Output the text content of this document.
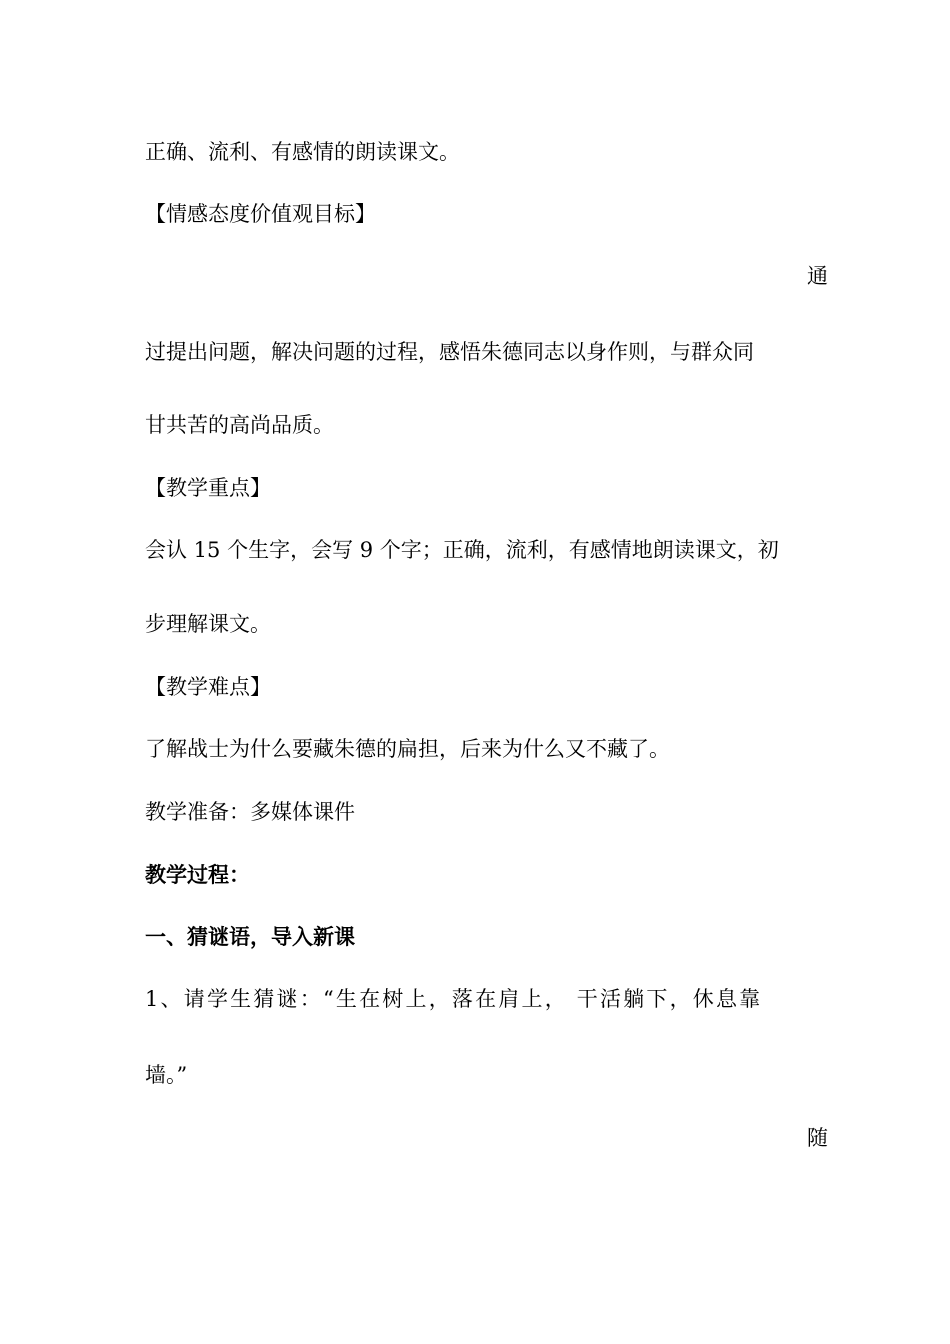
正确、流利、有感情的朗读课文。
【情感态度价值观目标】
通
过提出问题，解决问题的过程，感悟朱德同志以身作则，与群众同
甘共苦的高尚品质。
【教学重点】
会认 15 个生字，会写 9 个字；正确，流利，有感情地朗读课文，初
步理解课文。
【教学难点】
了解战士为什么要藏朱德的扁担，后来为什么又不藏了。
教学准备：多媒体课件
教学过程：
一、猜谜语，导入新课
1、请学生猜谜：“生在树上，落在肩上， 干活躺下，休息靠
墙。”
随
